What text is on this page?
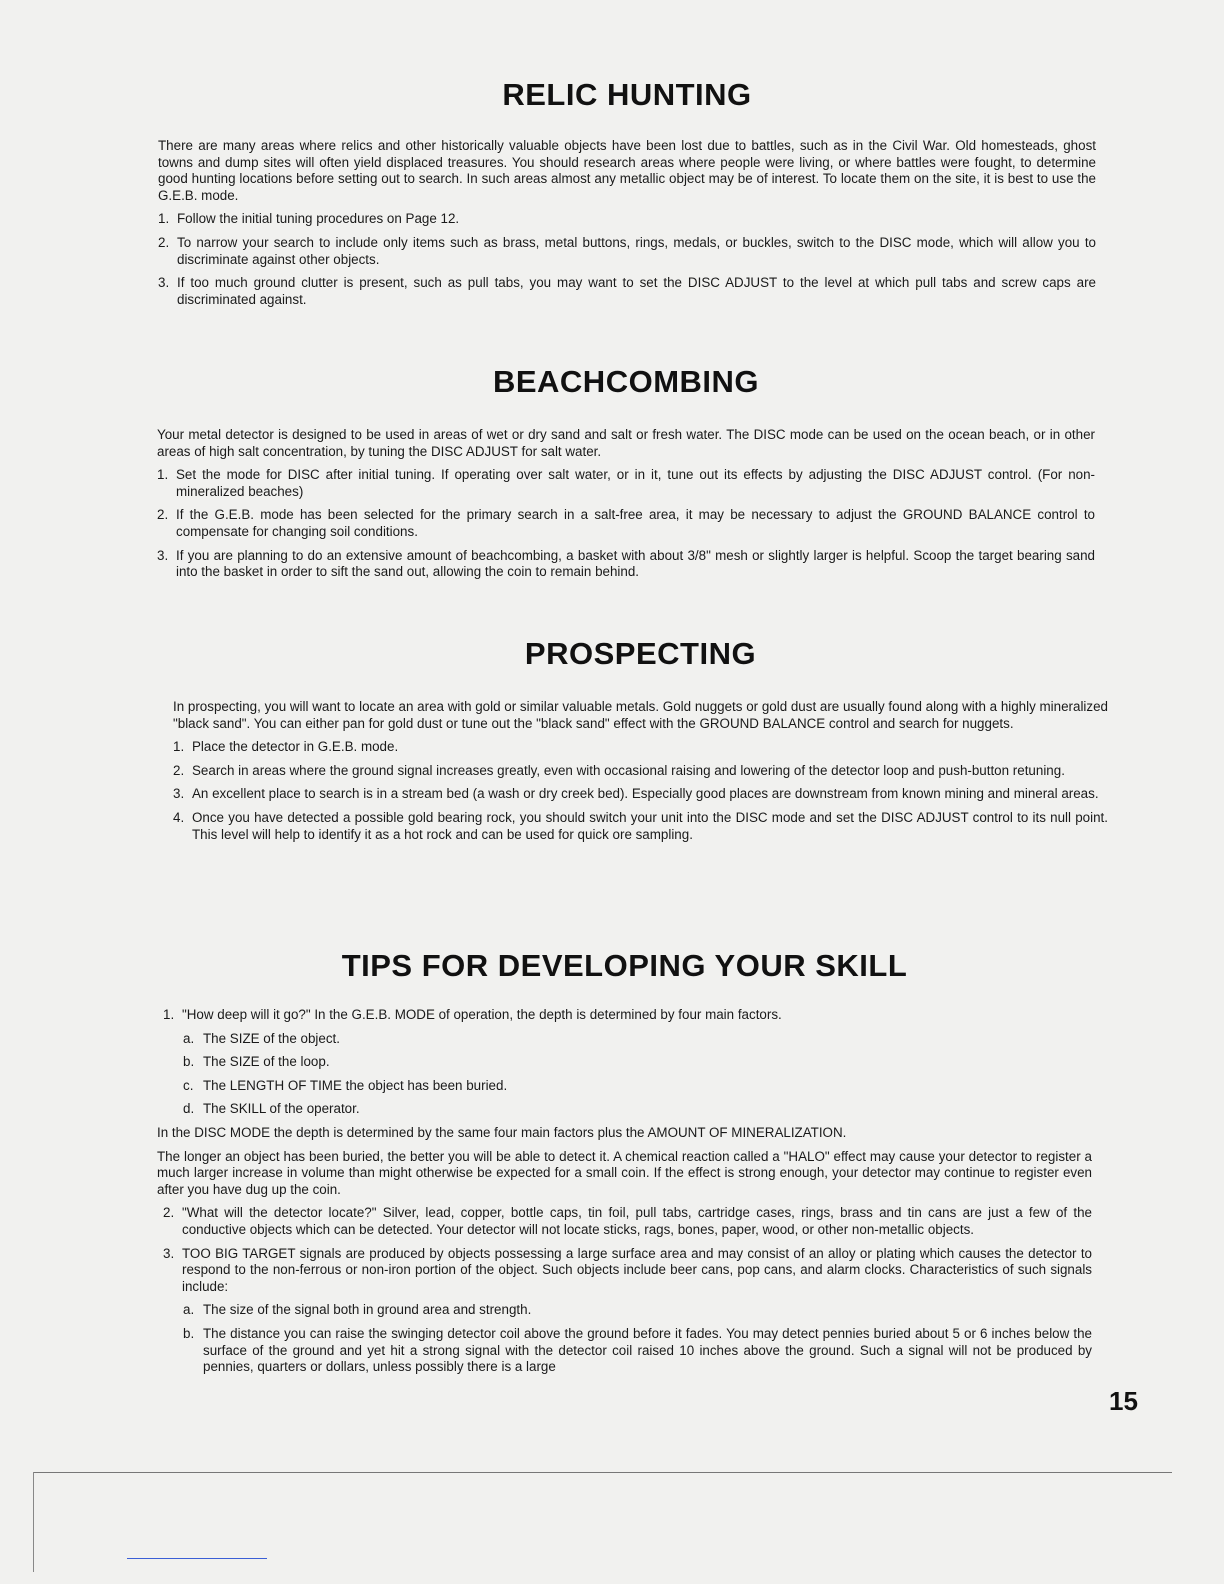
RELIC HUNTING

There are many areas where relics and other historically valuable objects have been lost due to battles, such as in the Civil War. Old homesteads, ghost towns and dump sites will often yield displaced treasures. You should research areas where people were living, or where battles were fought, to determine good hunting locations before setting out to search. In such areas almost any metallic object may be of interest. To locate them on the site, it is best to use the G.E.B. mode.

1. Follow the initial tuning procedures on Page 12.
2. To narrow your search to include only items such as brass, metal buttons, rings, medals, or buckles, switch to the DISC mode, which will allow you to discriminate against other objects.
3. If too much ground clutter is present, such as pull tabs, you may want to set the DISC ADJUST to the level at which pull tabs and screw caps are discriminated against.
BEACHCOMBING

Your metal detector is designed to be used in areas of wet or dry sand and salt or fresh water. The DISC mode can be used on the ocean beach, or in other areas of high salt concentration, by tuning the DISC ADJUST for salt water.

1. Set the mode for DISC after initial tuning. If operating over salt water, or in it, tune out its effects by adjusting the DISC ADJUST control. (For non-mineralized beaches)
2. If the G.E.B. mode has been selected for the primary search in a salt-free area, it may be necessary to adjust the GROUND BALANCE control to compensate for changing soil conditions.
3. If you are planning to do an extensive amount of beachcombing, a basket with about 3/8" mesh or slightly larger is helpful. Scoop the target bearing sand into the basket in order to sift the sand out, allowing the coin to remain behind.
PROSPECTING

In prospecting, you will want to locate an area with gold or similar valuable metals. Gold nuggets or gold dust are usually found along with a highly mineralized "black sand". You can either pan for gold dust or tune out the "black sand" effect with the GROUND BALANCE control and search for nuggets.

1. Place the detector in G.E.B. mode.
2. Search in areas where the ground signal increases greatly, even with occasional raising and lowering of the detector loop and push-button retuning.
3. An excellent place to search is in a stream bed (a wash or dry creek bed). Especially good places are downstream from known mining and mineral areas.
4. Once you have detected a possible gold bearing rock, you should switch your unit into the DISC mode and set the DISC ADJUST control to its null point. This level will help to identify it as a hot rock and can be used for quick ore sampling.
TIPS FOR DEVELOPING YOUR SKILL
1. "How deep will it go?" In the G.E.B. MODE of operation, the depth is determined by four main factors.
a. The SIZE of the object.
b. The SIZE of the loop.
c. The LENGTH OF TIME the object has been buried.
d. The SKILL of the operator.

In the DISC MODE the depth is determined by the same four main factors plus the AMOUNT OF MINERALIZATION.

The longer an object has been buried, the better you will be able to detect it. A chemical reaction called a "HALO" effect may cause your detector to register a much larger increase in volume than might otherwise be expected for a small coin. If the effect is strong enough, your detector may continue to register even after you have dug up the coin.

2. "What will the detector locate?" Silver, lead, copper, bottle caps, tin foil, pull tabs, cartridge cases, rings, brass and tin cans are just a few of the conductive objects which can be detected. Your detector will not locate sticks, rags, bones, paper, wood, or other non-metallic objects.
3. TOO BIG TARGET signals are produced by objects possessing a large surface area and may consist of an alloy or plating which causes the detector to respond to the non-ferrous or non-iron portion of the object. Such objects include beer cans, pop cans, and alarm clocks. Characteristics of such signals include:
a. The size of the signal both in ground area and strength.
b. The distance you can raise the swinging detector coil above the ground before it fades. You may detect pennies buried about 5 or 6 inches below the surface of the ground and yet hit a strong signal with the detector coil raised 10 inches above the ground. Such a signal will not be produced by pennies, quarters or dollars, unless possibly there is a large
15
